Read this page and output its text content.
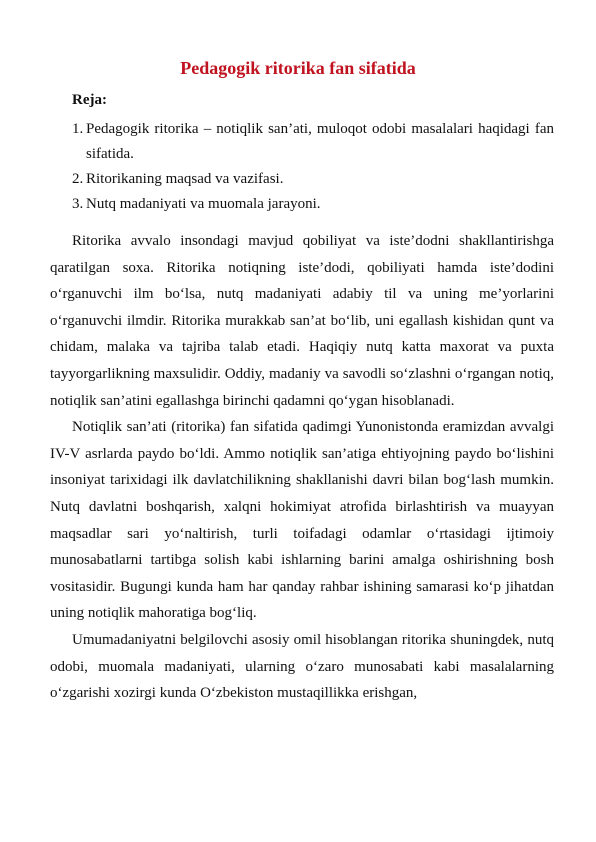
Pedagogik ritorika fan sifatida
Reja:
1. Pedagogik ritorika – notiqlik san’ati, muloqot odobi masalalari haqidagi fan sifatida.
2. Ritorikaning maqsad va vazifasi.
3. Nutq madaniyati va muomala jarayoni.

Ritorika avvalo insondagi mavjud qobiliyat va iste’dodni shakllantirishga qaratilgan soxa. Ritorika notiqning iste’dodi, qobiliyati hamda iste’dodini o‘rganuvchi ilm bo‘lsa, nutq madaniyati adabiy til va uning me’yorlarini o‘rganuvchi ilmdir. Ritorika murakkab san’at bo‘lib, uni egallash kishidan qunt va chidam, malaka va tajriba talab etadi. Haqiqiy nutq katta maxorat va puxta tayyorgarlikning maxsulidir. Oddiy, madaniy va savodli so‘zlashni o‘rgangan notiq, notiqlik san’atini egallashga birinchi qadamni qo‘ygan hisoblanadi.

Notiqlik san’ati (ritorika) fan sifatida qadimgi Yunonistonda eramizdan avvalgi IV-V asrlarda paydo bo‘ldi. Ammo notiqlik san’atiga ehtiyojning paydo bo‘lishini insoniyat tarixidagi ilk davlatchilikning shakllanishi davri bilan bog‘lash mumkin. Nutq davlatni boshqarish, xalqni hokimiyat atrofida birlashtirish va muayyan maqsadlar sari yo‘naltirish, turli toifadagi odamlar o‘rtasidagi ijtimoiy munosabatlarni tartibga solish kabi ishlarning barini amalga oshirishning bosh vositasidir. Bugungi kunda ham har qanday rahbar ishining samarasi ko‘p jihatdan uning notiqlik mahoratiga bog‘liq.

Umumadaniyatni belgilovchi asosiy omil hisoblangan ritorika shuningdek, nutq odobi, muomala madaniyati, ularning o‘zaro munosabati kabi masalalarning o‘zgarishi xozirgi kunda O‘zbekiston mustaqillikka erishgan,
